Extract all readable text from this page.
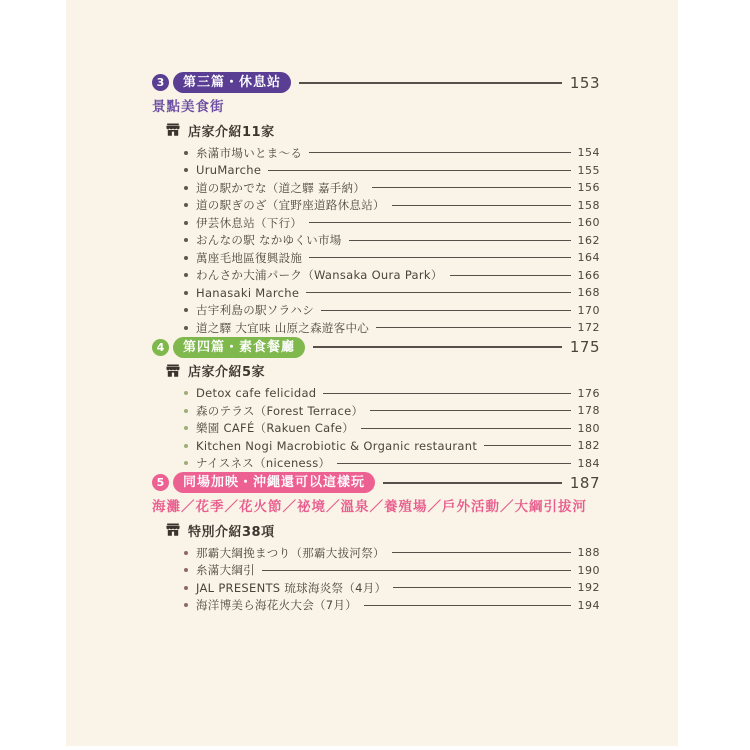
3	第三篇・休息站	153
景點美食街
店家介紹11家
糸滿市場いとま～る	154
UruMarche	155
道の駅かでな（道之驛 嘉手納）	156
道の駅ぎのざ（宜野座道路休息站）	158
伊芸休息站（下行）	160
おんなの駅 なかゆくい市場	162
萬座毛地區復興設施	164
わんさか大浦パーク（Wansaka Oura Park）	166
Hanasaki Marche	168
古宇利島の駅ソラハシ	170
道之驛 大宜味 山原之森遊客中心	172
4	第四篇・素食餐廳	175
店家介紹5家
Detox cafe felicidad	176
森のテラス（Forest Terrace）	178
樂園 CAFÉ（Rakuen Cafe）	180
Kitchen Nogi Macrobiotic & Organic restaurant	182
ナイスネス（niceness）	184
5	同場加映・沖繩還可以這樣玩	187
海灘／花季／花火節／祕境／溫泉／養殖場／戶外活動／大綱引拔河
特別介紹38項
那霸大綱挽まつり（那霸大拔河祭）	188
糸滿大綱引	190
JAL PRESENTS 琉球海炎祭（4月）	192
海洋博美ら海花火大会（7月）	194
